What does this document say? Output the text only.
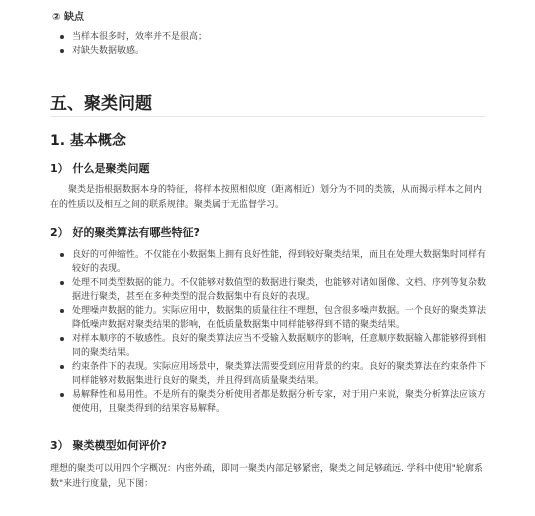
② 缺点
当样本很多时，效率并不是很高；
对缺失数据敏感。
五、聚类问题
1. 基本概念
1） 什么是聚类问题
聚类是指根据数据本身的特征，将样本按照相似度（距离相近）划分为不同的类簇，从而揭示样本之间内在的性质以及相互之间的联系规律。聚类属于无监督学习。
2） 好的聚类算法有哪些特征?
良好的可伸缩性。不仅能在小数据集上拥有良好性能，得到较好聚类结果，而且在处理大数据集时同样有较好的表现。
处理不同类型数据的能力。不仅能够对数值型的数据进行聚类，也能够对诸如图像、文档、序列等复杂数据进行聚类，甚至在多种类型的混合数据集中有良好的表现。
处理噪声数据的能力。实际应用中，数据集的质量往往不理想，包含很多噪声数据。一个良好的聚类算法降低噪声数据对聚类结果的影响，在低质量数据集中同样能够得到不错的聚类结果。
对样本顺序的不敏感性。良好的聚类算法应当不受输入数据顺序的影响，任意顺序数据输入都能够得到相同的聚类结果。
约束条件下的表现。实际应用场景中，聚类算法需要受到应用背景的约束。良好的聚类算法在约束条件下同样能够对数据集进行良好的聚类，并且得到高质量聚类结果。
易解释性和易用性。不是所有的聚类分析使用者都是数据分析专家，对于用户来说，聚类分析算法应该方便使用，且聚类得到的结果容易解释。
3） 聚类模型如何评价?
理想的聚类可以用四个字概况：内密外疏，即同一聚类内部足够紧密，聚类之间足够疏远. 学科中使用"轮廓系数"来进行度量，见下图：
